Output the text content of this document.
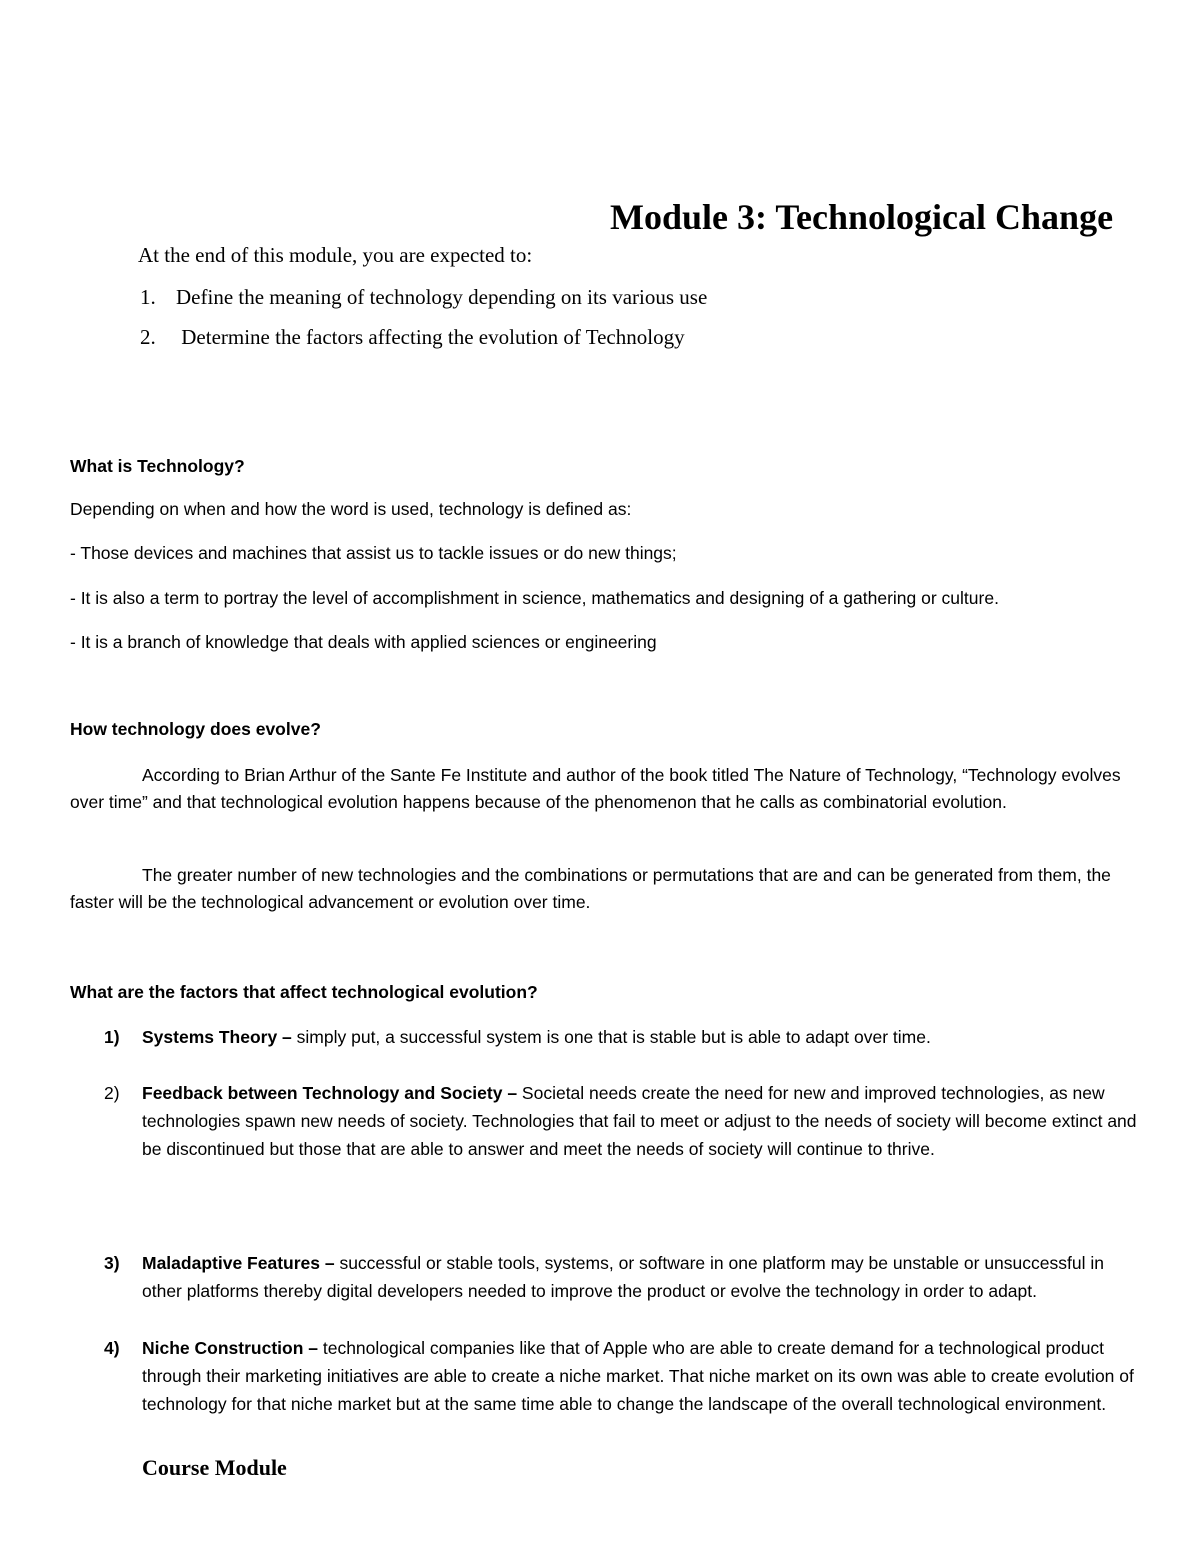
Module 3: Technological Change
At the end of this module, you are expected to:
1. Define the meaning of technology depending on its various use
2. Determine the factors affecting the evolution of Technology
What is Technology?
Depending on when and how the word is used, technology is defined as:
- Those devices and machines that assist us to tackle issues or do new things;
- It is also a term to portray the level of accomplishment in science, mathematics and designing of a gathering or culture.
- It is a branch of knowledge that deals with applied sciences or engineering
How technology does evolve?
According to Brian Arthur of the Sante Fe Institute and author of the book titled The Nature of Technology, “Technology evolves over time” and that technological evolution happens because of the phenomenon that he calls as combinatorial evolution.
The greater number of new technologies and the combinations or permutations that are and can be generated from them, the faster will be the technological advancement or evolution over time.
What are the factors that affect technological evolution?
1)	Systems Theory – simply put, a successful system is one that is stable but is able to adapt over time.
2)	Feedback between Technology and Society – Societal needs create the need for new and improved technologies, as new technologies spawn new needs of society. Technologies that fail to meet or adjust to the needs of society will become extinct and be discontinued but those that are able to answer and meet the needs of society will continue to thrive.
3)	Maladaptive Features – successful or stable tools, systems, or software in one platform may be unstable or unsuccessful in other platforms thereby digital developers needed to improve the product or evolve the technology in order to adapt.
4)	Niche Construction – technological companies like that of Apple who are able to create demand for a technological product through their marketing initiatives are able to create a niche market. That niche market on its own was able to create evolution of technology for that niche market but at the same time able to change the landscape of the overall technological environment.
Course Module
